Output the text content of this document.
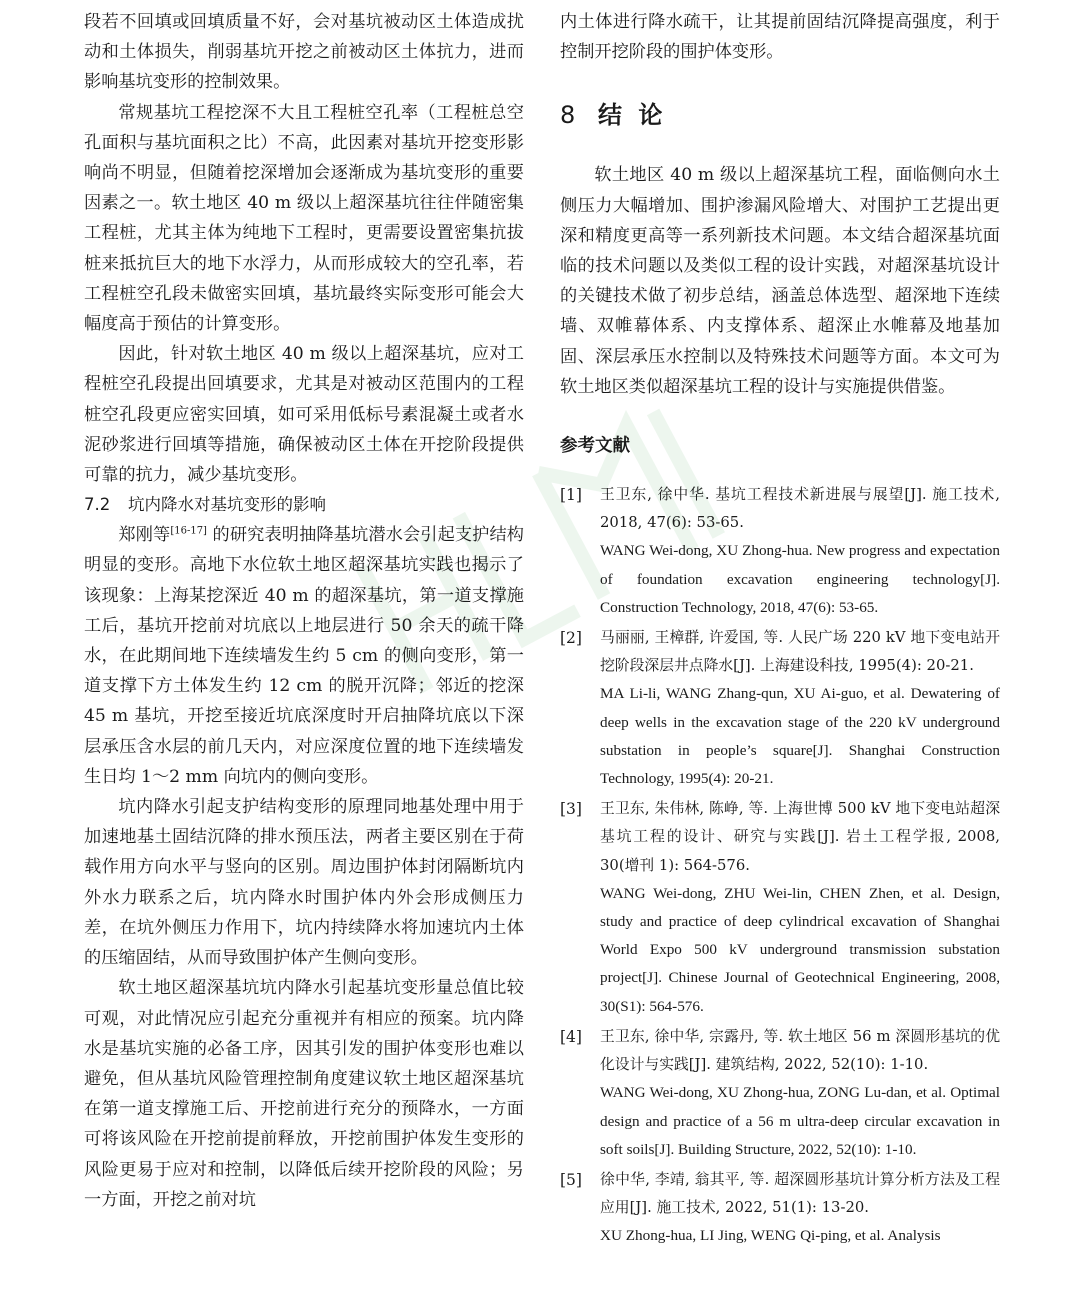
段若不回填或回填质量不好，会对基坑被动区土体造成扰动和土体损失，削弱基坑开挖之前被动区土体抗力，进而影响基坑变形的控制效果。

常规基坑工程挖深不大且工程桩空孔率（工程桩总空孔面积与基坑面积之比）不高，此因素对基坑开挖变形影响尚不明显，但随着挖深增加会逐渐成为基坑变形的重要因素之一。软土地区 40 m 级以上超深基坑往往伴随密集工程桩，尤其主体为纯地下工程时，更需要设置密集抗拔桩来抵抗巨大的地下水浮力，从而形成较大的空孔率，若工程桩空孔段未做密实回填，基坑最终实际变形可能会大幅度高于预估的计算变形。

因此，针对软土地区 40 m 级以上超深基坑，应对工程桩空孔段提出回填要求，尤其是对被动区范围内的工程桩空孔段更应密实回填，如可采用低标号素混凝土或者水泥砂浆进行回填等措施，确保被动区土体在开挖阶段提供可靠的抗力，减少基坑变形。

7.2 坑内降水对基坑变形的影响

郑刚等[16-17] 的研究表明抽降基坑潜水会引起支护结构明显的变形。高地下水位软土地区超深基坑实践也揭示了该现象：上海某挖深近 40 m 的超深基坑，第一道支撑施工后，基坑开挖前对坑底以上地层进行 50 余天的疏干降水，在此期间地下连续墙发生约 5 cm 的侧向变形，第一道支撑下方土体发生约 12 cm 的脱开沉降；邻近的挖深 45 m 基坑，开挖至接近坑底深度时开启抽降坑底以下深层承压含水层的前几天内，对应深度位置的地下连续墙发生日均 1～2 mm 向坑内的侧向变形。

坑内降水引起支护结构变形的原理同地基处理中用于加速地基土固结沉降的排水预压法，两者主要区别在于荷载作用方向水平与竖向的区别。周边围护体封闭隔断坑内外水力联系之后，坑内降水时围护体内外会形成侧压力差，在坑外侧压力作用下，坑内持续降水将加速坑内土体的压缩固结，从而导致围护体产生侧向变形。

软土地区超深基坑坑内降水引起基坑变形量总值比较可观，对此情况应引起充分重视并有相应的预案。坑内降水是基坑实施的必备工序，因其引发的围护体变形也难以避免，但从基坑风险管理控制角度建议软土地区超深基坑在第一道支撑施工后、开挖前进行充分的预降水，一方面可将该风险在开挖前提前释放，开挖前围护体发生变形的风险更易于应对和控制，以降低后续开挖阶段的风险；另一方面，开挖之前对坑

内土体进行降水疏干，让其提前固结沉降提高强度，利于控制开挖阶段的围护体变形。

8 结 论

软土地区 40 m 级以上超深基坑工程，面临侧向水土侧压力大幅增加、围护渗漏风险增大、对围护工艺提出更深和精度更高等一系列新技术问题。本文结合超深基坑面临的技术问题以及类似工程的设计实践，对超深基坑设计的关键技术做了初步总结，涵盖总体选型、超深地下连续墙、双帷幕体系、内支撑体系、超深止水帷幕及地基加固、深层承压水控制以及特殊技术问题等方面。本文可为软土地区类似超深基坑工程的设计与实施提供借鉴。

参考文献
[1]	王卫东, 徐中华. 基坑工程技术新进展与展望[J]. 施工技术, 2018, 47(6): 53-65.
WANG Wei-dong, XU Zhong-hua. New progress and expectation of foundation excavation engineering technology[J]. Construction Technology, 2018, 47(6): 53-65.
[2]	马丽丽, 王樟群, 许爱国, 等. 人民广场 220 kV 地下变电站开挖阶段深层井点降水[J]. 上海建设科技, 1995(4): 20-21.
MA Li-li, WANG Zhang-qun, XU Ai-guo, et al. Dewatering of deep wells in the excavation stage of the 220 kV underground substation in people’s square[J]. Shanghai Construction Technology, 1995(4): 20-21.
[3]	王卫东, 朱伟林, 陈峥, 等. 上海世博 500 kV 地下变电站超深基坑工程的设计、研究与实践[J]. 岩土工程学报, 2008, 30(增刊 1): 564-576.
WANG Wei-dong, ZHU Wei-lin, CHEN Zhen, et al. Design, study and practice of deep cylindrical excavation of Shanghai World Expo 500 kV underground transmission substation project[J]. Chinese Journal of Geotechnical Engineering, 2008, 30(S1): 564-576.
[4]	王卫东, 徐中华, 宗露丹, 等. 软土地区 56 m 深圆形基坑的优化设计与实践[J]. 建筑结构, 2022, 52(10): 1-10.
WANG Wei-dong, XU Zhong-hua, ZONG Lu-dan, et al. Optimal design and practice of a 56 m ultra-deep circular excavation in soft soils[J]. Building Structure, 2022, 52(10): 1-10.
[5]	徐中华, 李靖, 翁其平, 等. 超深圆形基坑计算分析方法及工程应用[J]. 施工技术, 2022, 51(1): 13-20.
XU Zhong-hua, LI Jing, WENG Qi-ping, et al. Analysis
